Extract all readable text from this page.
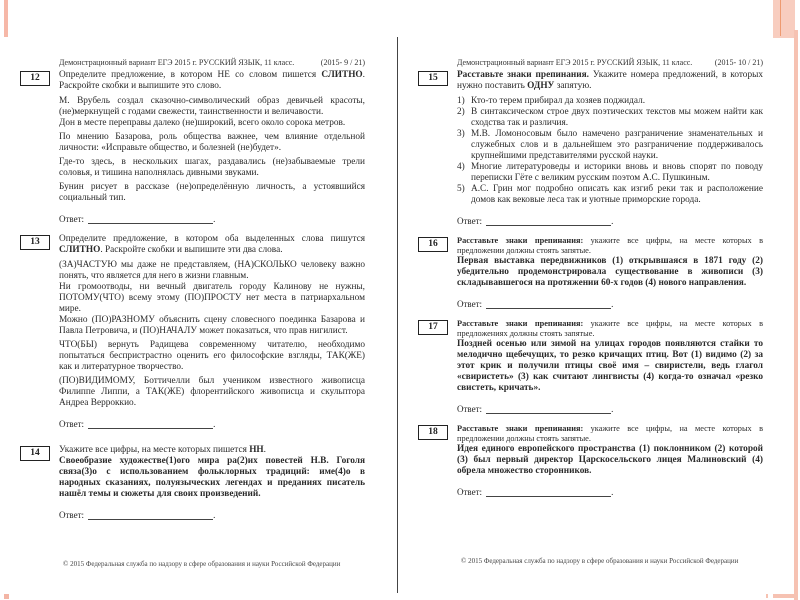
Демонстрационный вариант ЕГЭ 2015 г. РУССКИЙ ЯЗЫК, 11 класс.	(2015- 9 / 21)
12	Определите предложение, в котором НЕ со словом пишется СЛИТНО. Раскройте скобки и выпишите это слово.

М. Врубель создал сказочно-символический образ девичьей красоты, (не)меркнущей с годами свежести, таинственности и величавости.

Дон в месте переправы далеко (не)широкий, всего около сорока метров.

По мнению Базарова, роль общества важнее, чем влияние отдельной личности: «Исправьте общество, и болезней (не)будет».

Где-то здесь, в нескольких шагах, раздавались (не)забываемые трели соловья, и тишина наполнялась дивными звуками.

Бунин рисует в рассказе (не)определённую личность, а устоявшийся социальный тип.

Ответ:	.
13	Определите предложение, в котором оба выделенных слова пишутся СЛИТНО. Раскройте скобки и выпишите эти два слова.

(ЗА)ЧАСТУЮ мы даже не представляем, (НА)СКОЛЬКО человеку важно понять, что является для него в жизни главным.

Ни громоотводы, ни вечный двигатель городу Калинову не нужны, ПОТОМУ(ЧТО) всему этому (ПО)ПРОСТУ нет места в патриархальном мире.

Можно (ПО)РАЗНОМУ объяснить сцену словесного поединка Базарова и Павла Петровича, и (ПО)НАЧАЛУ может показаться, что прав нигилист.

ЧТО(БЫ) вернуть Радищева современному читателю, необходимо попытаться беспристрастно оценить его философские взгляды, ТАК(ЖЕ) как и литературное творчество.

(ПО)ВИДИМОМУ, Боттичелли был учеником известного живописца Филиппе Липпи, а ТАК(ЖЕ) флорентийского живописца и скульптора Андреа Верроккио.

Ответ:	.
14	Укажите все цифры, на месте которых пишется НН.

Своеобразие художестве(1)ого мира ра(2)их повестей Н.В. Гоголя связа(3)о с использованием фольклорных традиций: име(4)о в народных сказаниях, полуязыческих легендах и преданиях писатель нашёл темы и сюжеты для своих произведений.

Ответ:	.
© 2015 Федеральная служба по надзору в сфере образования и науки Российской Федерации
Демонстрационный вариант ЕГЭ 2015 г. РУССКИЙ ЯЗЫК, 11 класс.	(2015- 10 / 21)
15	Расставьте знаки препинания. Укажите номера предложений, в которых нужно поставить ОДНУ запятую.

1) Кто-то терем прибирал да хозяев поджидал.
2) В синтаксическом строе двух поэтических текстов мы можем найти как сходства так и различия.
3) М.В. Ломоносовым было намечено разграничение знаменательных и служебных слов и в дальнейшем это разграничение поддерживалось крупнейшими представителями русской науки.
4) Многие литературоведы и историки вновь и вновь спорят по поводу переписки Гёте с великим русским поэтом А.С. Пушкиным.
5) А.С. Грин мог подробно описать как изгиб реки так и расположение домов как вековые леса так и уютные приморские города.
Ответ:	.
16	Расставьте знаки препинания: укажите все цифры, на месте которых в предложении должны стоять запятые.

Первая выставка передвижников (1) открывшаяся в 1871 году (2) убедительно продемонстрировала существование в живописи (3) складывавшегося на протяжении 60-х годов (4) нового направления.

Ответ:	.
17	Расставьте знаки препинания: укажите все цифры, на месте которых в предложениях должны стоять запятые.

Поздней осенью или зимой на улицах городов появляются стайки то мелодично щебечущих, то резко кричащих птиц. Вот (1) видимо (2) за этот крик и получили птицы своё имя – свиристели, ведь глагол «свиристеть» (3) как считают лингвисты (4) когда-то означал «резко свистеть, кричать».

Ответ:	.
18	Расставьте знаки препинания: укажите все цифры, на месте которых в предложении должны стоять запятые.

Идея единого европейского пространства (1) поклонником (2) которой (3) был первый директор Царскосельского лицея Малиновский (4) обрела множество сторонников.

Ответ:	.
© 2015 Федеральная служба по надзору в сфере образования и науки Российской Федерации
